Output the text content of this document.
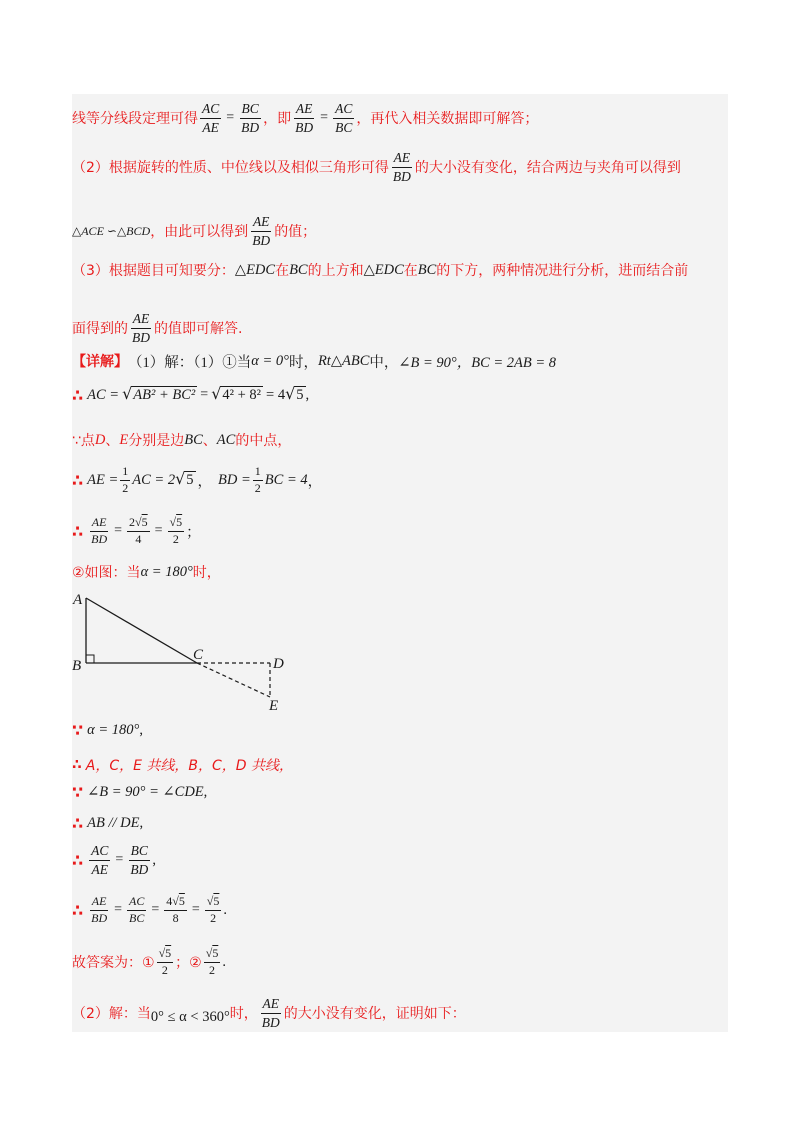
线等分线段定理可得 $\frac{AC}{AE} = \frac{BC}{BD}$ ，即 $\frac{AE}{BD} = \frac{AC}{BC}$ ，再代入相关数据即可解答；
（2）根据旋转的性质、中位线以及相似三角形可得 $\frac{AE}{BD}$ 的大小没有变化，结合两边与夹角可以得到
△ACE ∽△BCD ，由此可以得到 $\frac{AE}{BD}$ 的值；
（3）根据题目可知要分： △EDC 在 BC 的上方和 △EDC 在 BC 的下方，两种情况进行分析，进而结合前
面得到的 $\frac{AE}{BD}$ 的值即可解答.
【详解】 （1）解：（1）①当 α = 0° 时， Rt△ABC 中， ∠B = 90°，BC = 2AB = 8
∴ AC = √ AB² + BC² = √ 4² + 8² = 4 √ 5 ,
∵点 D 、 E 分别是边 BC 、 AC 的中点，
∴ AE = $\frac{1}{2}$ AC = 2 √ 5 ， BD = $\frac{1}{2}$ BC = 4 ，
∴ $\frac{AE}{BD} = \frac{2√5}{4} = \frac{√5}{2}$ ；
②如图：当 α = 180° 时，
A
B
C
D
E
∵ α = 180° ,
∴ A，C，E 共线，B，C，D 共线，
∵ ∠B = 90° = ∠CDE ,
∴ AB // DE ,
∴ $\frac{AC}{AE} = \frac{BC}{BD}$ ,
∴ $\frac{AE}{BD} = \frac{AC}{BC} = \frac{4√5}{8} = \frac{√5}{2}$ .
故答案为：① $\frac{√5}{2}$ ；② $\frac{√5}{2}$ .
（2）解：当 0° ≤ α < 360° 时， $\frac{AE}{BD}$ 的大小没有变化，证明如下：
